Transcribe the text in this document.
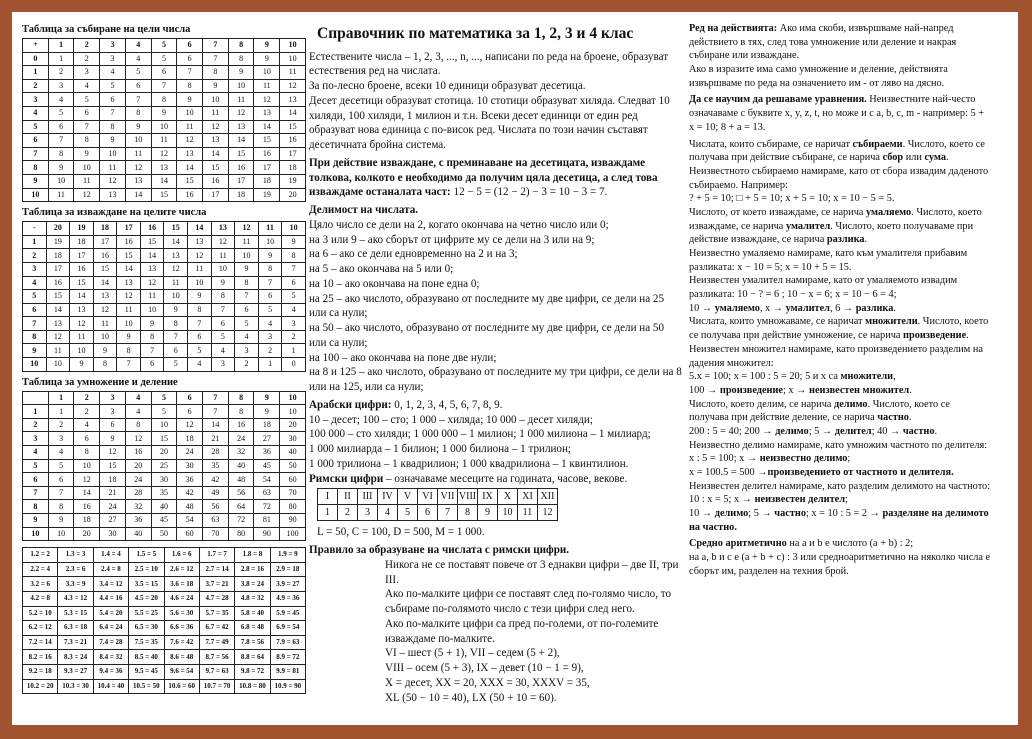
Таблица за събиране на цели числа
+	1	2	3	4	5	6	7	8	9	10
0	1	2	3	4	5	6	7	8	9	10
1	2	3	4	5	6	7	8	9	10	11
2	3	4	5	6	7	8	9	10	11	12
3	4	5	6	7	8	9	10	11	12	13
4	5	6	7	8	9	10	11	12	13	14
5	6	7	8	9	10	11	12	13	14	15
6	7	8	9	10	11	12	13	14	15	16
7	8	9	10	11	12	13	14	15	16	17
8	9	10	11	12	13	14	15	16	17	18
9	10	11	12	13	14	15	16	17	18	19
10	11	12	13	14	15	16	17	18	19	20
Таблица за изваждане на целите числа
-	20	19	18	17	16	15	14	13	12	11	10
1	19	18	17	16	15	14	13	12	11	10	9
2	18	17	16	15	14	13	12	11	10	9	8
3	17	16	15	14	13	12	11	10	9	8	7
4	16	15	14	13	12	11	10	9	8	7	6
5	15	14	13	12	11	10	9	8	7	6	5
6	14	13	12	11	10	9	8	7	6	5	4
7	13	12	11	10	9	8	7	6	5	4	3
8	12	11	10	9	8	7	6	5	4	3	2
9	11	10	9	8	7	6	5	4	3	2	1
10	10	9	8	7	6	5	4	3	2	1	0
Таблица за умножение и деление
	1	2	3	4	5	6	7	8	9	10
1	1	2	3	4	5	6	7	8	9	10
2	2	4	6	8	10	12	14	16	18	20
3	3	6	9	12	15	18	21	24	27	30
4	4	8	12	16	20	24	28	32	36	40
5	5	10	15	20	25	30	35	40	45	50
6	6	12	18	24	30	36	42	48	54	60
7	7	14	21	28	35	42	49	56	63	70
8	8	16	24	32	40	48	56	64	72	80
9	9	18	27	36	45	54	63	72	81	90
10	10	20	30	40	50	60	70	80	90	100
1.2 = 2	1.3 = 3	1.4 = 4	1.5 = 5	1.6 = 6	1.7 = 7	1.8 = 8	1.9 = 9
2.2 = 4	2.3 = 6	2.4 = 8	2.5 = 10	2.6 = 12	2.7 = 14	2.8 = 16	2.9 = 18
3.2 = 6	3.3 = 9	3.4 = 12	3.5 = 15	3.6 = 18	3.7 = 21	3.8 = 24	3.9 = 27
4.2 = 8	4.3 = 12	4.4 = 16	4.5 = 20	4.6 = 24	4.7 = 28	4.8 = 32	4.9 = 36
5.2 = 10	5.3 = 15	5.4 = 20	5.5 = 25	5.6 = 30	5.7 = 35	5.8 = 40	5.9 = 45
6.2 = 12	6.3 = 18	6.4 = 24	6.5 = 30	6.6 = 36	6.7 = 42	6.8 = 48	6.9 = 54
7.2 = 14	7.3 = 21	7.4 = 28	7.5 = 35	7.6 = 42	7.7 = 49	7.8 = 56	7.9 = 63
8.2 = 16	8.3 = 24	8.4 = 32	8.5 = 40	8.6 = 48	8.7 = 56	8.8 = 64	8.9 = 72
9.2 = 18	9.3 = 27	9.4 = 36	9.5 = 45	9.6 = 54	9.7 = 63	9.8 = 72	9.9 = 81
10.2 = 20	10.3 = 30	10.4 = 40	10.5 = 50	10.6 = 60	10.7 = 70	10.8 = 80	10.9 = 90
Справочник по математика за 1, 2, 3 и 4 клас

Естествените числа – 1, 2, 3, ..., n, ..., написани по реда на броене, образуват естествения ред на числата.

За по-лесно броене, всеки 10 единици образуват десетица.

Десет десетици образуват стотица. 10 стотици образуват хиляда. Следват 10 хиляди, 100 хиляди, 1 милион и т.н. Всеки десет единици от един ред образуват нова единица с по-висок ред. Числата по този начин съставят десетичната бройна система.

При действие изваждане, с преминаване на десетицата, изваждаме толкова, колкото е необходимо да получим цяла десетица, а след това изваждаме останалата част: 12 − 5 = (12 − 2) − 3 = 10 − 3 = 7.

Делимост на числата.

Цяло число се дели на 2, когато окончава на четно число или 0;

на 3 или 9 – ако сборът от цифрите му се дели на 3 или на 9;

на 6 – ако се дели едновременно на 2 и на 3;

на 5 – ако окончава на 5 или 0;

на 10 – ако окончава на поне една 0;

на 25 – ако числото, образувано от последните му две цифри, се дели на 25 или са нули;

на 50 – ако числото, образувано от последните му две цифри, се дели на 50 или са нули;

на 100 – ако окончава на поне две нули;

на 8 и 125 – ако числото, образувано от последните му три цифри, се дели на 8 или на 125, или са нули;

Арабски цифри: 0, 1, 2, 3, 4, 5, 6, 7, 8, 9.

10 – десет; 100 – сто; 1 000 – хиляда; 10 000 – десет хиляди;

100 000 – сто хиляди; 1 000 000 – 1 милион; 1 000 милиона – 1 милиард;

1 000 милиарда – 1 билион; 1 000 билиона – 1 трилион;

1 000 трилиона – 1 квадрилион; 1 000 квадрилиона – 1 квинтилион.

Римски цифри – означаваме месеците на годината, часове, векове.

I	II	III	IV	V	VI	VII	VIII	IX	X	XI	XII
1	2	3	4	5	6	7	8	9	10	11	12

L = 50, C = 100, D = 500, M = 1 000.

Правило за образуване на числата с римски цифри.

Никога не се поставят повече от 3 еднакви цифри – две II, три III.

Ако по-малките цифри се поставят след по-голямо число, то събираме по-голямото число с тези цифри след него.

Ако по-малките цифри са пред по-големи, от по-големите изваждаме по-малките.

VI – шест (5 + 1), VII – седем (5 + 2),

VIII – осем (5 + 3), IX – девет (10 − 1 = 9),

X = десет, XX = 20, XXX = 30, XXXV = 35,

XL (50 − 10 = 40), LX (50 + 10 = 60).

Ред на действията: Ако има скоби, извършваме най-напред действието в тях, след това умножение или деление и накрая събиране или изваждане.

Ако в изразите има само умножение и деление, действията извършваме по реда на означението им - от ляво на дясно.

Да се научим да решаваме уравнения. Неизвестните най-често означаваме с буквите x, y, z, t, но може и с a, b, c, m - например: 5 + x = 10; 8 + a = 13.

Числата, които събираме, се наричат събираеми. Числото, което се получава при действие събиране, се нарича сбор или сума.

Неизвестното събираемо намираме, като от сбора извадим даденото събираемо. Например:

? + 5 = 10; □ + 5 = 10; x + 5 = 10; x = 10 − 5 = 5.

Числото, от което изваждаме, се нарича умаляемо. Числото, което изваждаме, се нарича умалител. Числото, което получаваме при действие изваждане, се нарича разлика.

Неизвестно умаляемо намираме, като към умалителя прибавим разликата: x − 10 = 5; x = 10 + 5 = 15.

Неизвестен умалител намираме, като от умаляемото извадим разликата: 10 − ? = 6 ; 10 − x = 6; x = 10 − 6 = 4;

10 → умаляемо, x → умалител, 6 → разлика.

Числата, които умножаваме, се наричат множители. Числото, което се получава при действие умножение, се нарича произведение.

Неизвестен множител намираме, като произведението разделим на дадения множител:

5.x = 100; x = 100 : 5 = 20; 5 и x са множители,

100 → произведение; x → неизвестен множител.

Числото, което делим, се нарича делимо. Числото, което се получава при действие деление, се нарича частно.

200 : 5 = 40; 200 → делимо; 5 → делител; 40 → частно.

Неизвестно делимо намираме, като умножим частното по делителя: x : 5 = 100; x → неизвестно делимо;

x = 100.5 = 500 →произведението от частното и делителя.

Неизвестен делител намираме, като разделим делимото на частното: 10 : x = 5; x → неизвестен делител;

10 → делимо; 5 → частно; x = 10 : 5 = 2 → разделяне на делимото на частно.

Средно аритметично на a и b е числото (a + b) : 2;

на a, b и c e (a + b + c) : 3 или средноаритметично на няколко числа е сборът им, разделен на техния брой.
